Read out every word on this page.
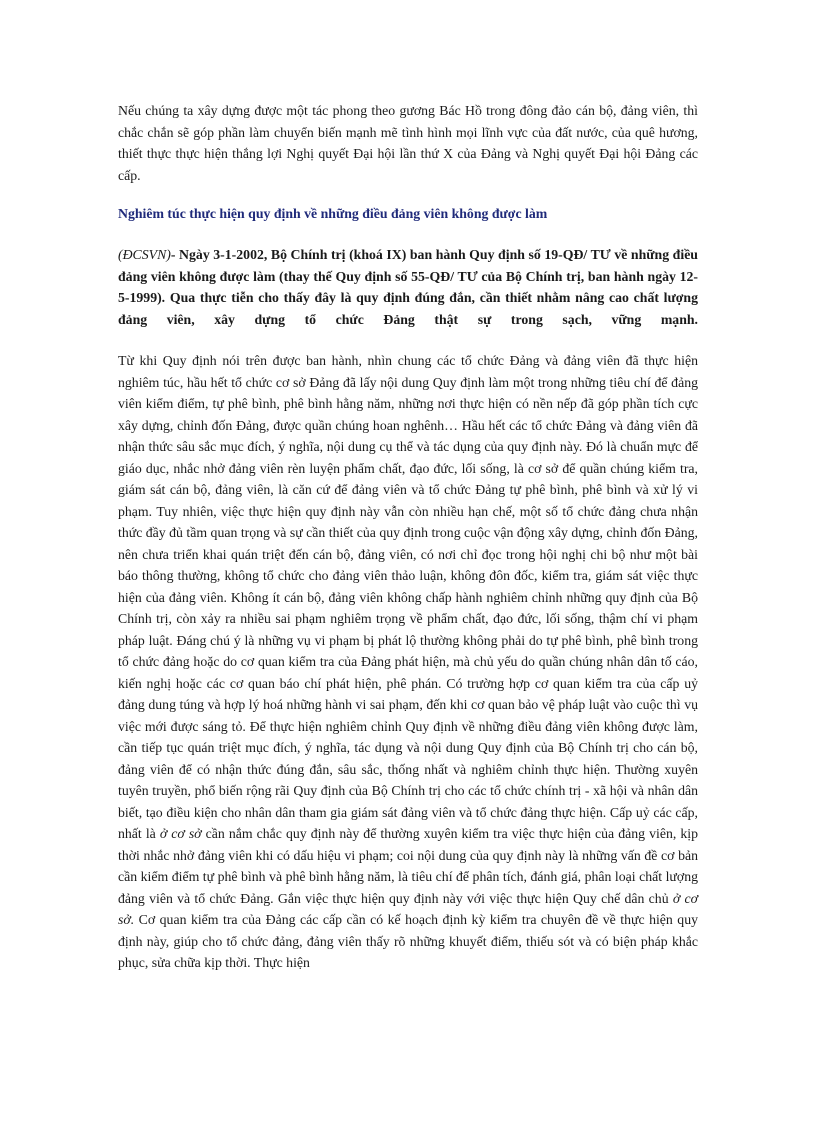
Nếu chúng ta xây dựng được một tác phong theo gương Bác Hồ trong đông đảo cán bộ, đảng viên, thì chắc chắn sẽ góp phần làm chuyển biến mạnh mẽ tình hình mọi lĩnh vực của đất nước, của quê hương, thiết thực thực hiện thắng lợi Nghị quyết Đại hội lần thứ X của Đảng và Nghị quyết Đại hội Đảng các cấp.

Nghiêm túc thực hiện quy định về những điều đảng viên không được làm

(ĐCSVN)- Ngày 3-1-2002, Bộ Chính trị (khoá IX) ban hành Quy định số 19-QĐ/ TƯ về những điều đảng viên không được làm (thay thế Quy định số 55-QĐ/ TƯ của Bộ Chính trị, ban hành ngày 12-5-1999). Qua thực tiễn cho thấy đây là quy định đúng đắn, cần thiết nhằm nâng cao chất lượng đảng viên, xây dựng tổ chức Đảng thật sự trong sạch, vững mạnh.

Từ khi Quy định nói trên được ban hành, nhìn chung các tổ chức Đảng và đảng viên đã thực hiện nghiêm túc, hầu hết tổ chức cơ sở Đảng đã lấy nội dung Quy định làm một trong những tiêu chí để đảng viên kiểm điểm, tự phê bình, phê bình hằng năm, những nơi thực hiện có nền nếp đã góp phần tích cực xây dựng, chỉnh đốn Đảng, được quần chúng hoan nghênh… Hầu hết các tổ chức Đảng và đảng viên đã nhận thức sâu sắc mục đích, ý nghĩa, nội dung cụ thể và tác dụng của quy định này. Đó là chuẩn mực để giáo dục, nhắc nhở đảng viên rèn luyện phẩm chất, đạo đức, lối sống, là cơ sở để quần chúng kiểm tra, giám sát cán bộ, đảng viên, là căn cứ để đảng viên và tổ chức Đảng tự phê bình, phê bình và xử lý vi phạm. Tuy nhiên, việc thực hiện quy định này vẫn còn nhiều hạn chế, một số tổ chức đảng chưa nhận thức đầy đủ tầm quan trọng và sự cần thiết của quy định trong cuộc vận động xây dựng, chỉnh đốn Đảng, nên chưa triển khai quán triệt đến cán bộ, đảng viên, có nơi chỉ đọc trong hội nghị chi bộ như một bài báo thông thường, không tổ chức cho đảng viên thảo luận, không đôn đốc, kiểm tra, giám sát việc thực hiện của đảng viên. Không ít cán bộ, đảng viên không chấp hành nghiêm chỉnh những quy định của Bộ Chính trị, còn xảy ra nhiều sai phạm nghiêm trọng về phẩm chất, đạo đức, lối sống, thậm chí vi phạm pháp luật. Đáng chú ý là những vụ vi phạm bị phát lộ thường không phải do tự phê bình, phê bình trong tổ chức đảng hoặc do cơ quan kiểm tra của Đảng phát hiện, mà chủ yếu do quần chúng nhân dân tố cáo, kiến nghị hoặc các cơ quan báo chí phát hiện, phê phán. Có trường hợp cơ quan kiểm tra của cấp uỷ đảng dung túng và hợp lý hoá những hành vi sai phạm, đến khi cơ quan bảo vệ pháp luật vào cuộc thì vụ việc mới được sáng tỏ. Để thực hiện nghiêm chỉnh Quy định về những điều đảng viên không được làm, cần tiếp tục quán triệt mục đích, ý nghĩa, tác dụng và nội dung Quy định của Bộ Chính trị cho cán bộ, đảng viên để có nhận thức đúng đắn, sâu sắc, thống nhất và nghiêm chỉnh thực hiện. Thường xuyên tuyên truyền, phổ biến rộng rãi Quy định của Bộ Chính trị cho các tổ chức chính trị - xã hội và nhân dân biết, tạo điều kiện cho nhân dân tham gia giám sát đảng viên và tổ chức đảng thực hiện. Cấp uỷ các cấp, nhất là ở cơ sở cần nắm chắc quy định này để thường xuyên kiểm tra việc thực hiện của đảng viên, kịp thời nhắc nhở đảng viên khi có dấu hiệu vi phạm; coi nội dung của quy định này là những vấn đề cơ bản cần kiểm điểm tự phê bình và phê bình hằng năm, là tiêu chí để phân tích, đánh giá, phân loại chất lượng đảng viên và tổ chức Đảng. Gắn việc thực hiện quy định này với việc thực hiện Quy chế dân chủ ở cơ sở. Cơ quan kiểm tra của Đảng các cấp cần có kế hoạch định kỳ kiểm tra chuyên đề về thực hiện quy định này, giúp cho tổ chức đảng, đảng viên thấy rõ những khuyết điểm, thiếu sót và có biện pháp khắc phục, sửa chữa kịp thời. Thực hiện
